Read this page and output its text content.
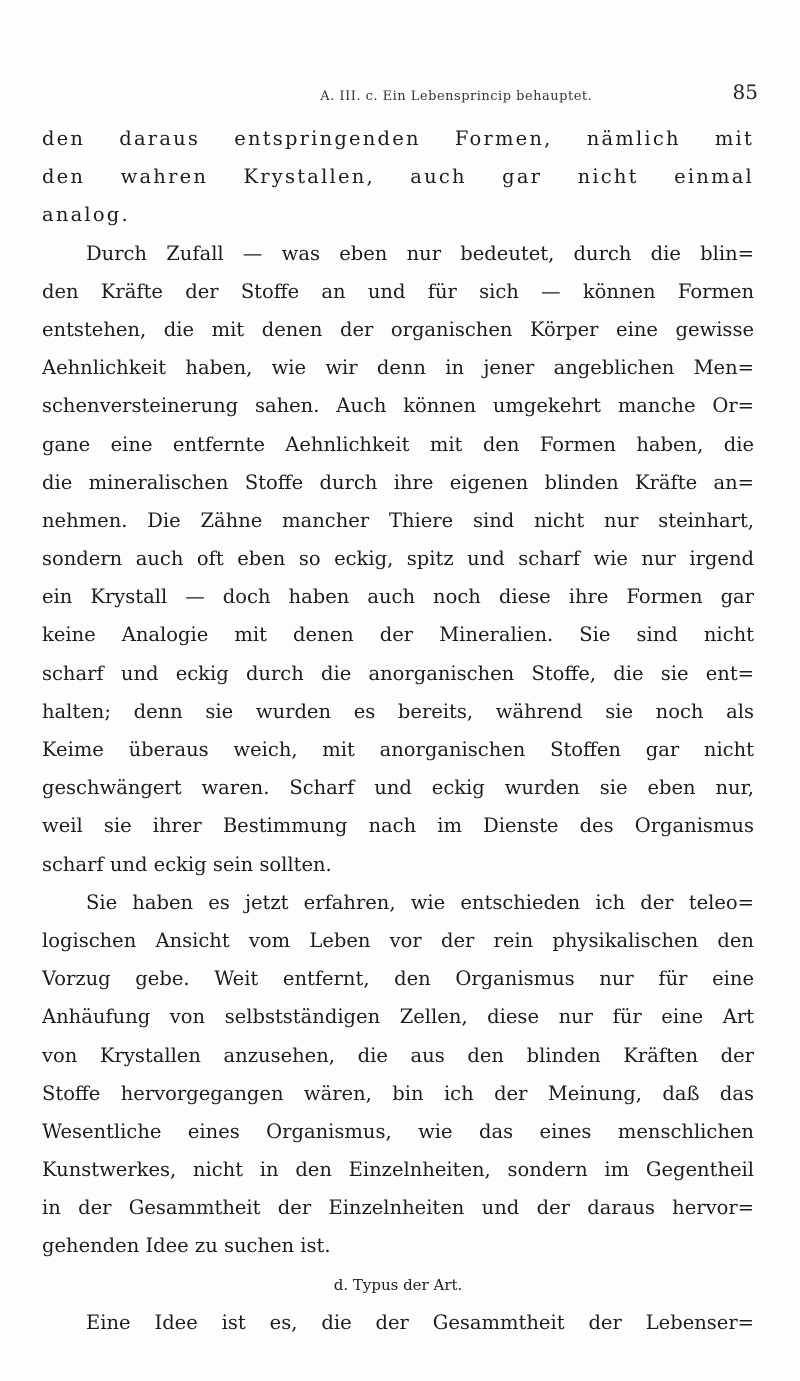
A. III. c. Ein Lebensprincip behauptet.	85
den daraus entspringenden Formen, nämlich mit
den wahren Krystallen, auch gar nicht einmal
analog.
Durch Zufall — was eben nur bedeutet, durch die blin=
den Kräfte der Stoffe an und für sich — können Formen
entstehen, die mit denen der organischen Körper eine gewisse
Aehnlichkeit haben, wie wir denn in jener angeblichen Men=
schenversteinerung sahen. Auch können umgekehrt manche Or=
gane eine entfernte Aehnlichkeit mit den Formen haben, die
die mineralischen Stoffe durch ihre eigenen blinden Kräfte an=
nehmen. Die Zähne mancher Thiere sind nicht nur steinhart,
sondern auch oft eben so eckig, spitz und scharf wie nur irgend
ein Krystall — doch haben auch noch diese ihre Formen gar
keine Analogie mit denen der Mineralien. Sie sind nicht
scharf und eckig durch die anorganischen Stoffe, die sie ent=
halten; denn sie wurden es bereits, während sie noch als
Keime überaus weich, mit anorganischen Stoffen gar nicht
geschwängert waren. Scharf und eckig wurden sie eben nur,
weil sie ihrer Bestimmung nach im Dienste des Organismus
scharf und eckig sein sollten.
Sie haben es jetzt erfahren, wie entschieden ich der teleo=
logischen Ansicht vom Leben vor der rein physikalischen den
Vorzug gebe. Weit entfernt, den Organismus nur für eine
Anhäufung von selbstständigen Zellen, diese nur für eine Art
von Krystallen anzusehen, die aus den blinden Kräften der
Stoffe hervorgegangen wären, bin ich der Meinung, daß das
Wesentliche eines Organismus, wie das eines menschlichen
Kunstwerkes, nicht in den Einzelnheiten, sondern im Gegentheil
in der Gesammtheit der Einzelnheiten und der daraus hervor=
gehenden Idee zu suchen ist.
d. Typus der Art.
Eine Idee ist es, die der Gesammtheit der Lebenser=
